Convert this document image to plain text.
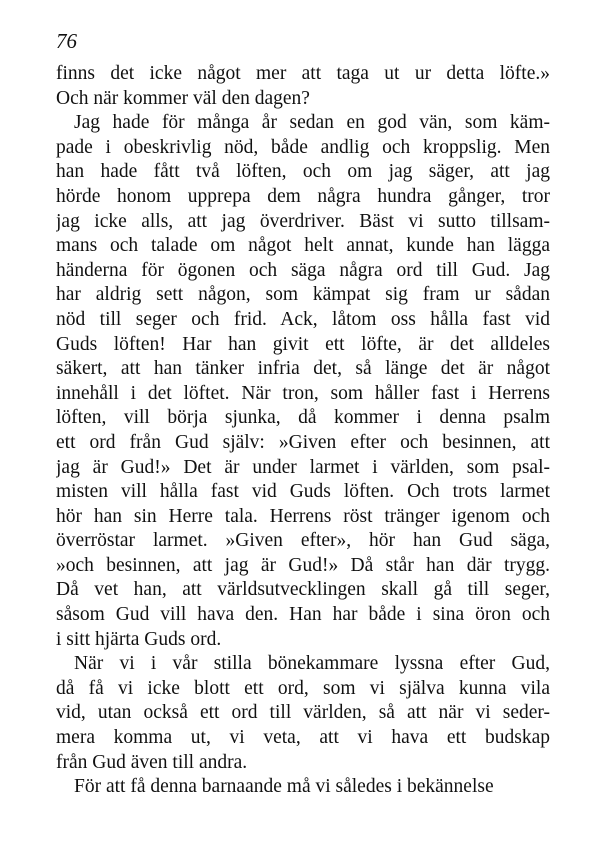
76
finns det icke något mer att taga ut ur detta löfte.»
Och när kommer väl den dagen?
Jag hade för många år sedan en god vän, som käm-
pade i obeskrivlig nöd, både andlig och kroppslig. Men
han hade fått två löften, och om jag säger, att jag
hörde honom upprepa dem några hundra gånger, tror
jag icke alls, att jag överdriver. Bäst vi sutto tillsam-
mans och talade om något helt annat, kunde han lägga
händerna för ögonen och säga några ord till Gud. Jag
har aldrig sett någon, som kämpat sig fram ur sådan
nöd till seger och frid. Ack, låtom oss hålla fast vid
Guds löften! Har han givit ett löfte, är det alldeles
säkert, att han tänker infria det, så länge det är något
innehåll i det löftet. När tron, som håller fast i Herrens
löften, vill börja sjunka, då kommer i denna psalm
ett ord från Gud själv: »Given efter och besinnen, att
jag är Gud!» Det är under larmet i världen, som psal-
misten vill hålla fast vid Guds löften. Och trots larmet
hör han sin Herre tala. Herrens röst tränger igenom och
överröstar larmet. »Given efter», hör han Gud säga,
»och besinnen, att jag är Gud!» Då står han där trygg.
Då vet han, att världsutvecklingen skall gå till seger,
såsom Gud vill hava den. Han har både i sina öron och
i sitt hjärta Guds ord.
När vi i vår stilla bönekammare lyssna efter Gud,
då få vi icke blott ett ord, som vi själva kunna vila
vid, utan också ett ord till världen, så att när vi seder-
mera komma ut, vi veta, att vi hava ett budskap
från Gud även till andra.
För att få denna barnaande må vi således i bekännelse
